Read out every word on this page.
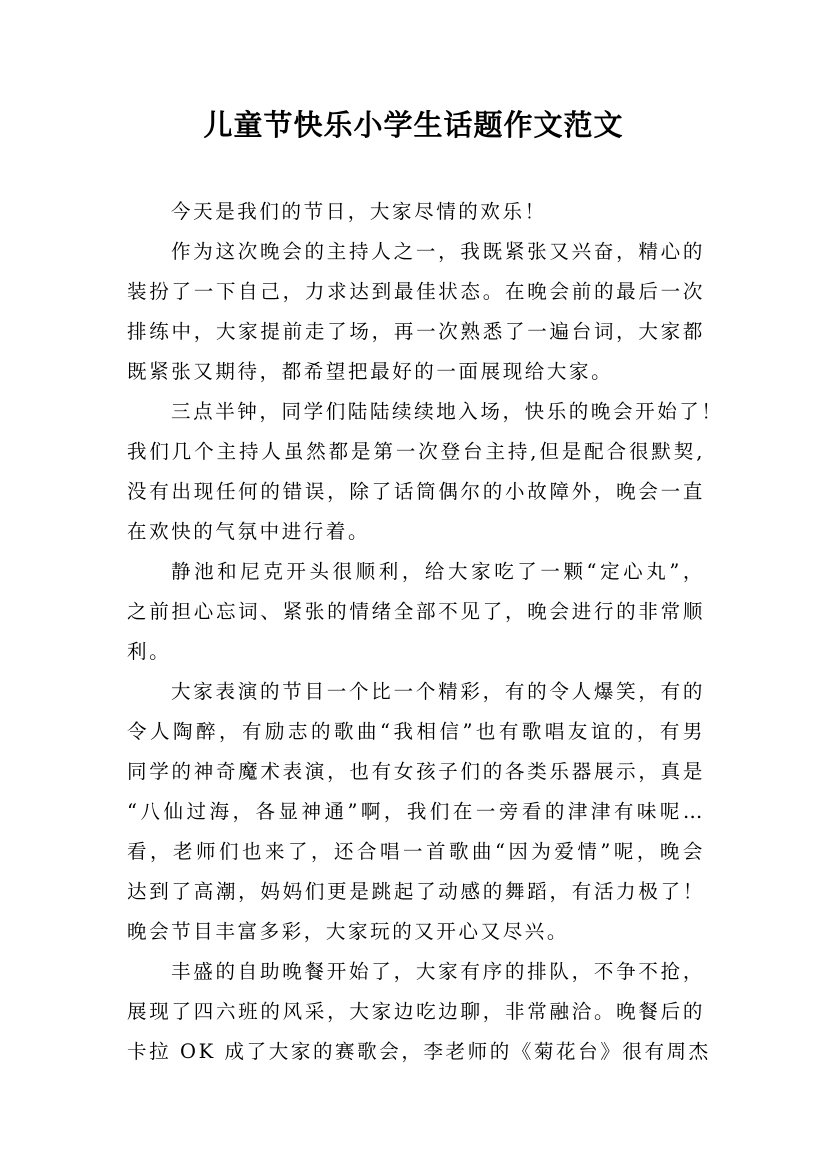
儿童节快乐小学生话题作文范文
今天是我们的节日，大家尽情的欢乐！
作为这次晚会的主持人之一，我既紧张又兴奋，精心的
装扮了一下自己，力求达到最佳状态。在晚会前的最后一次
排练中，大家提前走了场，再一次熟悉了一遍台词，大家都
既紧张又期待，都希望把最好的一面展现给大家。
三点半钟，同学们陆陆续续地入场，快乐的晚会开始了！
我们几个主持人虽然都是第一次登台主持,但是配合很默契,
没有出现任何的错误，除了话筒偶尔的小故障外，晚会一直
在欢快的气氛中进行着。
静池和尼克开头很顺利，给大家吃了一颗“定心丸”，
之前担心忘词、紧张的情绪全部不见了，晚会进行的非常顺
利。
大家表演的节目一个比一个精彩，有的令人爆笑，有的
令人陶醉，有励志的歌曲“我相信”也有歌唱友谊的，有男
同学的神奇魔术表演，也有女孩子们的各类乐器展示，真是
“八仙过海，各显神通”啊，我们在一旁看的津津有味呢…
看，老师们也来了，还合唱一首歌曲“因为爱情”呢，晚会
达到了高潮，妈妈们更是跳起了动感的舞蹈，有活力极了！
晚会节目丰富多彩，大家玩的又开心又尽兴。
丰盛的自助晚餐开始了，大家有序的排队，不争不抢，
展现了四六班的风采，大家边吃边聊，非常融洽。晚餐后的
卡拉 OK 成了大家的赛歌会，李老师的《菊花台》很有周杰
